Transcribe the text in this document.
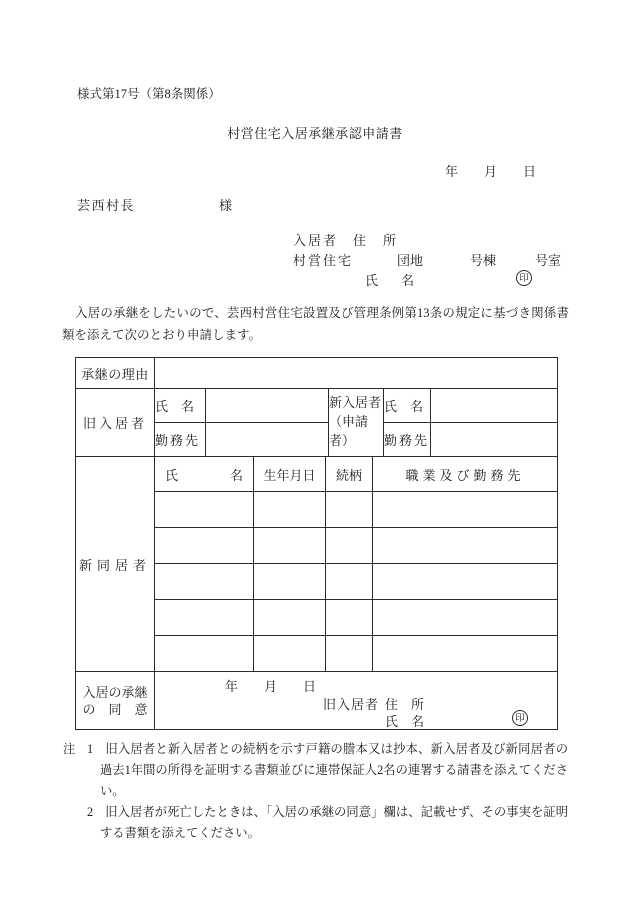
様式第17号（第8条関係）
村営住宅入居承継承認申請書
年　　月　　日
芸西村長	様
入居者　住　所
村営住宅	団地	号棟	号室
氏　名	印
入居の承継をしたいので、芸西村営住宅設置及び管理条例第13条の規定に基づき関係書類を添えて次のとおり申請します。
承継の理由					
旧入居者	氏　名		新入居者（申請者）	氏　名	
	勤務先			勤務先	
新同居者	氏　　　　名	生年月日	続柄	職業及び勤務先

入居の承継
の　同　意

年　　月　　日
旧入居者 住　所
氏　名	印
注 1 旧入居者と新入居者との続柄を示す戸籍の謄本又は抄本、新入居者及び新同居者の過去1年間の所得を証明する書類並びに連帯保証人2名の連署する請書を添えてください。
2 旧入居者が死亡したときは、「入居の承継の同意」欄は、記載せず、その事実を証明する書類を添えてください。
